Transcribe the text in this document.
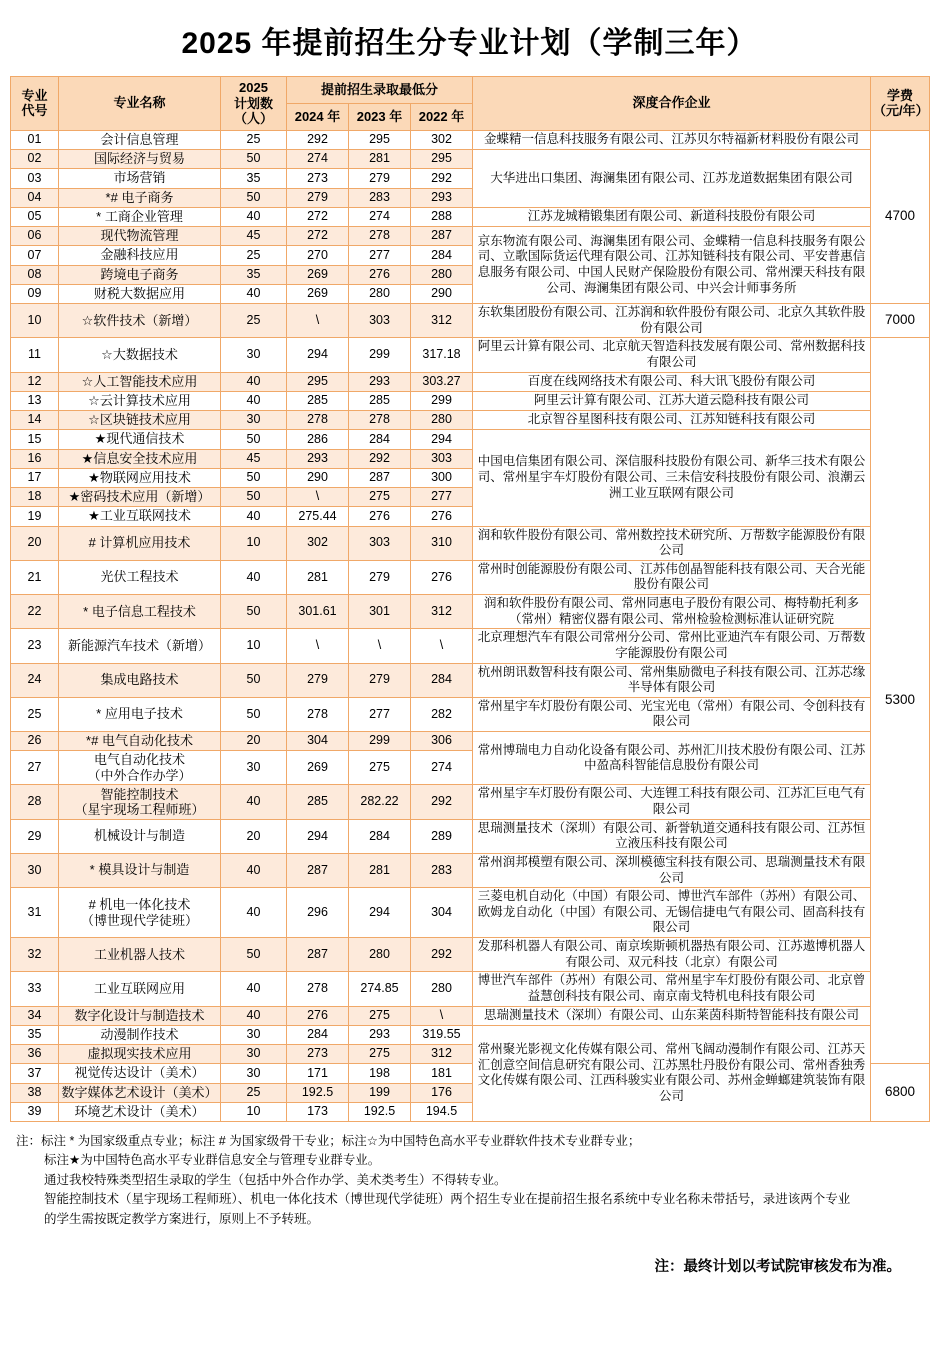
2025 年提前招生分专业计划（学制三年）
专业
代号	专业名称	2025
计划数（人）	提前招生录取最低分			深度合作企业	学费
（元/年）

			2024 年	2023 年	2022 年		
01	会计信息管理	25	292	295	302	金蝶精一信息科技服务有限公司、江苏贝尔特福新材料股份有限公司	4700
02	国际经济与贸易	50	274	281	295	大华进出口集团、海澜集团有限公司、江苏龙道数据集团有限公司	
03	市场营销	35	273	279	292		
04	*# 电子商务	50	279	283	293		
05	* 工商企业管理	40	272	274	288	江苏龙城精锻集团有限公司、新道科技股份有限公司	
06	现代物流管理	45	272	278	287	京东物流有限公司、海澜集团有限公司、金蝶精一信息科技服务有限公司、立歌国际货运代理有限公司、江苏知链科技有限公司、平安普惠信息服务有限公司、中国人民财产保险股份有限公司、常州溧天科技有限公司、海澜集团有限公司、中兴会计师事务所	
07	金融科技应用	25	270	277	284		
08	跨境电子商务	35	269	276	280		
09	财税大数据应用	40	269	280	290		
10	☆软件技术（新增）	25	\	303	312	东软集团股份有限公司、江苏润和软件股份有限公司、北京久其软件股份有限公司	7000
11	☆大数据技术	30	294	299	317.18	阿里云计算有限公司、北京航天智造科技发展有限公司、常州数据科技有限公司	5300
12	☆人工智能技术应用	40	295	293	303.27	百度在线网络技术有限公司、科大讯飞股份有限公司	
13	☆云计算技术应用	40	285	285	299	阿里云计算有限公司、江苏大道云隐科技有限公司	
14	☆区块链技术应用	30	278	278	280	北京智谷星图科技有限公司、江苏知链科技有限公司	
15	★现代通信技术	50	286	284	294	中国电信集团有限公司、深信服科技股份有限公司、新华三技术有限公司、常州星宇车灯股份有限公司、三未信安科技股份有限公司、浪潮云洲工业互联网有限公司	
16	★信息安全技术应用	45	293	292	303		
17	★物联网应用技术	50	290	287	300		
18	★密码技术应用（新增）	50	\	275	277		
19	★工业互联网技术	40	275.44	276	276		
20	# 计算机应用技术	10	302	303	310	润和软件股份有限公司、常州数控技术研究所、万帮数字能源股份有限公司	
21	光伏工程技术	40	281	279	276	常州时创能源股份有限公司、江苏伟创晶智能科技有限公司、天合光能股份有限公司	
22	* 电子信息工程技术	50	301.61	301	312	润和软件股份有限公司、常州同惠电子股份有限公司、梅特勒托利多（常州）精密仪器有限公司、常州检验检测标准认证研究院	
23	新能源汽车技术（新增）	10	\	\	\	北京理想汽车有限公司常州分公司、常州比亚迪汽车有限公司、万帮数字能源股份有限公司	
24	集成电路技术	50	279	279	284	杭州朗讯数智科技有限公司、常州集励微电子科技有限公司、江苏芯缘半导体有限公司	
25	* 应用电子技术	50	278	277	282	常州星宇车灯股份有限公司、光宝光电（常州）有限公司、令创科技有限公司	
26	*# 电气自动化技术	20	304	299	306	常州博瑞电力自动化设备有限公司、苏州汇川技术股份有限公司、江苏中盈高科智能信息股份有限公司	
27	电气自动化技术
（中外合作办学）	30	269	275	274		
28	智能控制技术
（星宇现场工程师班）	40	285	282.22	292	常州星宇车灯股份有限公司、大连锂工科技有限公司、江苏汇巨电气有限公司	
29	机械设计与制造	20	294	284	289	思瑞测量技术（深圳）有限公司、新誉轨道交通科技有限公司、江苏恒立液压科技有限公司	
30	* 模具设计与制造	40	287	281	283	常州润邦模塑有限公司、深圳模德宝科技有限公司、思瑞测量技术有限公司	
31	# 机电一体化技术
（博世现代学徒班）	40	296	294	304	三菱电机自动化（中国）有限公司、博世汽车部件（苏州）有限公司、欧姆龙自动化（中国）有限公司、无锡信捷电气有限公司、固高科技有限公司	
32	工业机器人技术	50	287	280	292	发那科机器人有限公司、南京埃斯顿机器热有限公司、江苏遨博机器人有限公司、双元科技（北京）有限公司	
33	工业互联网应用	40	278	274.85	280	博世汽车部件（苏州）有限公司、常州星宇车灯股份有限公司、北京曾益慧创科技有限公司、南京南戈特机电科技有限公司	
34	数字化设计与制造技术	40	276	275	\	思瑞测量技术（深圳）有限公司、山东莱茵科斯特智能科技有限公司	
35	动漫制作技术	30	284	293	319.55	常州聚光影视文化传媒有限公司、常州飞阔动漫制作有限公司、江苏天汇创意空间信息研究有限公司、江苏黑牡丹股份有限公司、常州香独秀文化传媒有限公司、江西科骏实业有限公司、苏州金蝉螂建筑装饰有限公司	
36	虚拟现实技术应用	30	273	275	312		
37	视觉传达设计（美术）	30	171	198	181		6800
38	数字媒体艺术设计（美术）	25	192.5	199	176		
39	环境艺术设计（美术）	10	173	192.5	194.5		
注：标注 * 为国家级重点专业；标注 # 为国家级骨干专业；标注☆为中国特色高水平专业群软件技术专业群专业；
标注★为中国特色高水平专业群信息安全与管理专业群专业。
通过我校特殊类型招生录取的学生（包括中外合作办学、美术类考生）不得转专业。
智能控制技术（星宇现场工程师班）、机电一体化技术（博世现代学徒班）两个招生专业在提前招生报名系统中专业名称未带括号，录进该两个专业
的学生需按既定教学方案进行，原则上不予转班。
注：最终计划以考试院审核发布为准。
